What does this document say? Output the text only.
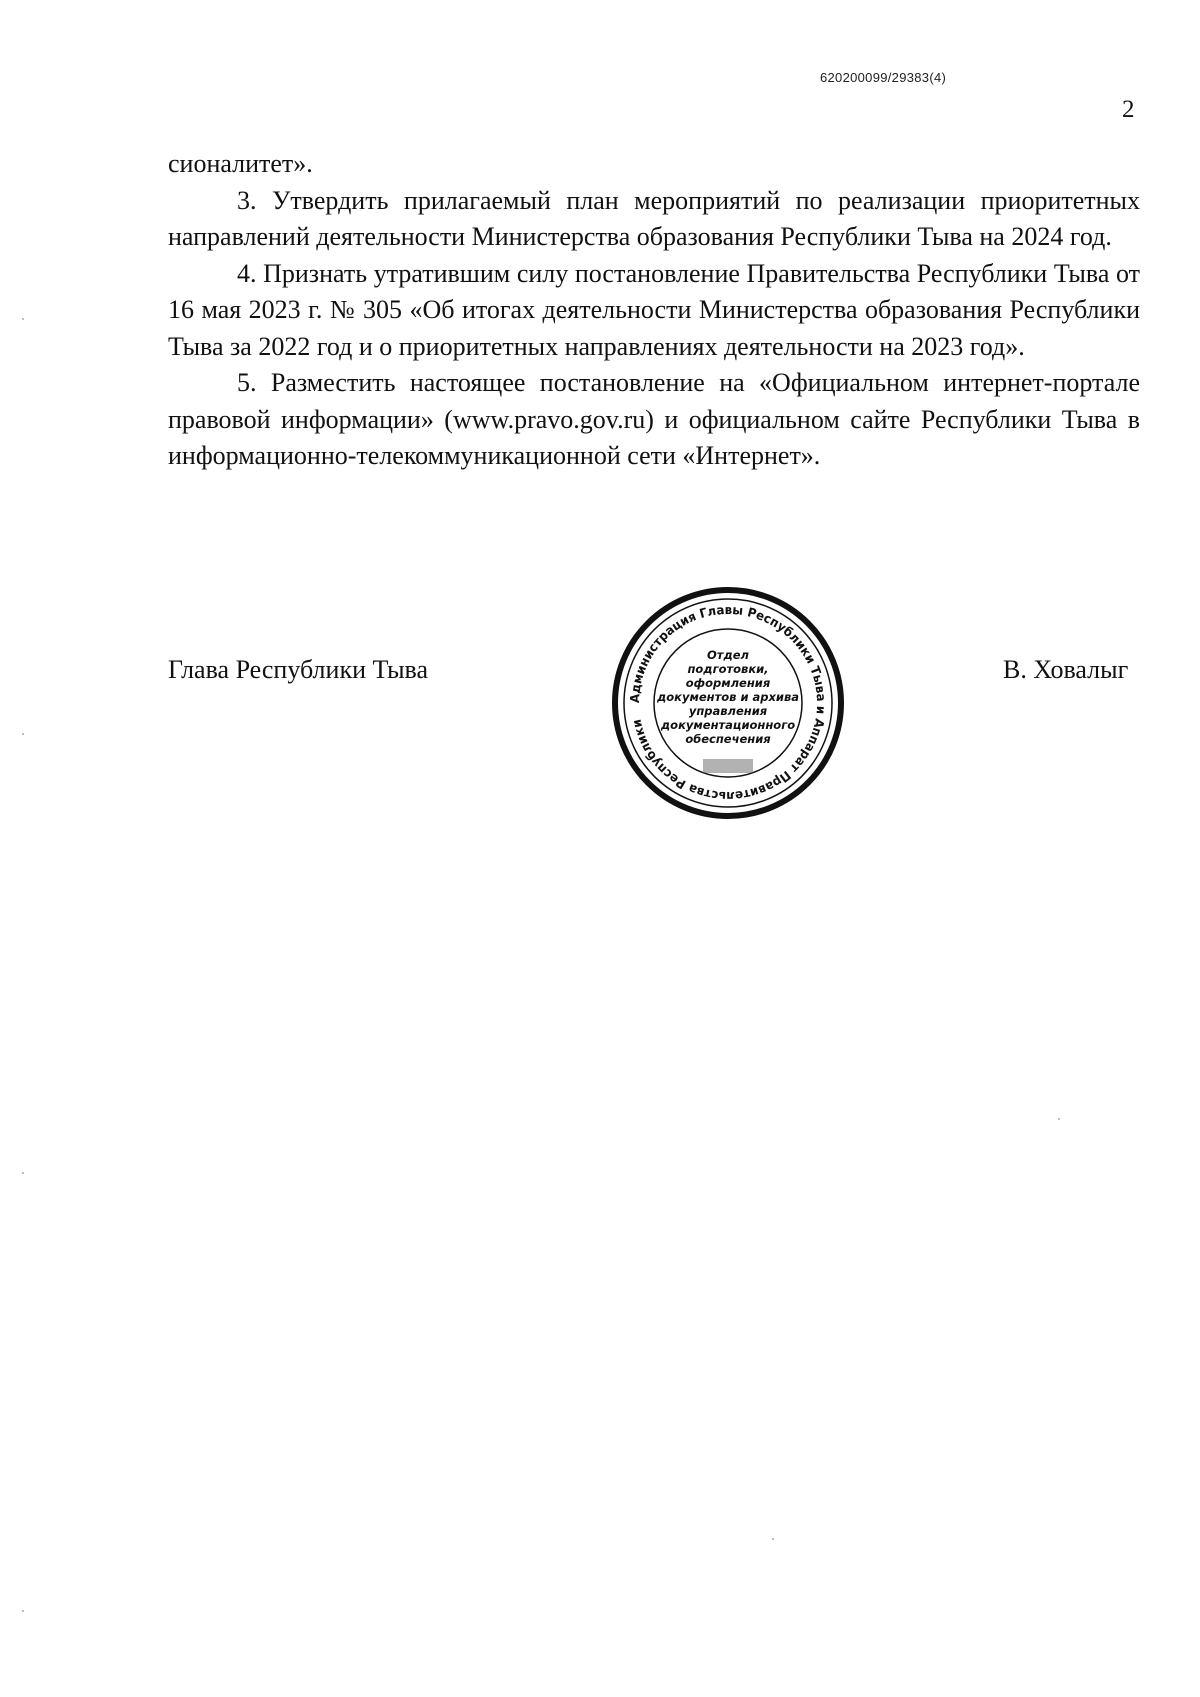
620200099/29383(4)
2

сионалитет».

3. Утвердить прилагаемый план мероприятий по реализации приоритетных направлений деятельности Министерства образования Республики Тыва на 2024 год.

4. Признать утратившим силу постановление Правительства Республики Тыва от 16 мая 2023 г. № 305 «Об итогах деятельности Министерства образования Республики Тыва за 2022 год и о приоритетных направлениях деятельности на 2023 год».

5. Разместить настоящее постановление на «Официальном интернет-портале правовой информации» (www.pravo.gov.ru) и официальном сайте Республики Тыва в информационно-телекоммуникационной сети «Интернет».

Глава Республики Тыва
Администрация Главы Республики Тыва и Аппарат Правительства Республики
Отдел
подготовки,
оформления
документов и архива
управления
документационного
обеспечения
В. Ховалыг
